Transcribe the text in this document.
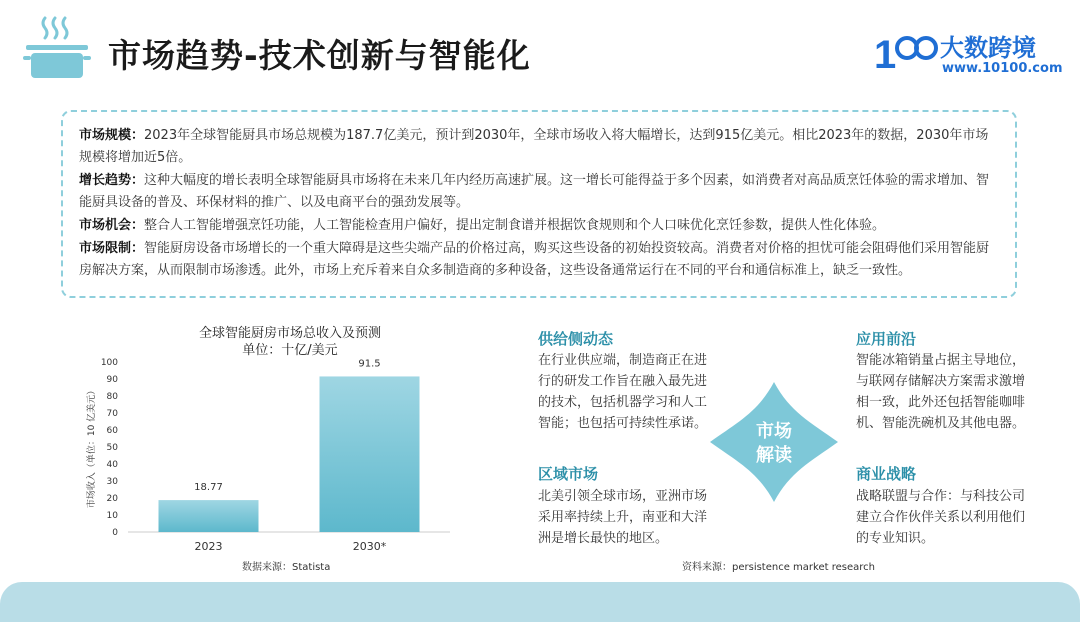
市场趋势-技术创新与智能化	1 大数跨境
www.10100.com

市场规模：2023年全球智能厨具市场总规模为187.7亿美元，预计到2030年，全球市场收入将大幅增长，达到915亿美元。相比2023年的数据，2030年市场规模将增加近5倍。

增长趋势：这种大幅度的增长表明全球智能厨具市场将在未来几年内经历高速扩展。这一增长可能得益于多个因素，如消费者对高品质烹饪体验的需求增加、智能厨具设备的普及、环保材料的推广、以及电商平台的强劲发展等。

市场机会：整合人工智能增强烹饪功能，人工智能检查用户偏好，提出定制食谱并根据饮食规则和个人口味优化烹饪参数，提供人性化体验。

市场限制：智能厨房设备市场增长的一个重大障碍是这些尖端产品的价格过高，购买这些设备的初始投资较高。消费者对价格的担忧可能会阻碍他们采用智能厨房解决方案，从而限制市场渗透。此外，市场上充斥着来自众多制造商的多种设备，这些设备通常运行在不同的平台和通信标准上，缺乏一致性。

全球智能厨房市场总收入及预测
单位：十亿/美元
0
10
20
30
40
50
60
70
80
90
100
市场收入（单位：10 亿美元）	18.77
2023
91.5
2030*
数据来源：Statista
供给侧动态
在行业供应端，制造商正在进行的研发工作旨在融入最先进的技术，包括机器学习和人工智能；也包括可持续性承诺。
区域市场
北美引领全球市场，亚洲市场采用率持续上升，南亚和大洋洲是增长最快的地区。
应用前沿
智能冰箱销量占据主导地位，与联网存储解决方案需求激增相一致，此外还包括智能咖啡机、智能洗碗机及其他电器。
商业战略
战略联盟与合作：与科技公司建立合作伙伴关系以利用他们的专业知识。
市场
解读
资料来源：persistence market research
